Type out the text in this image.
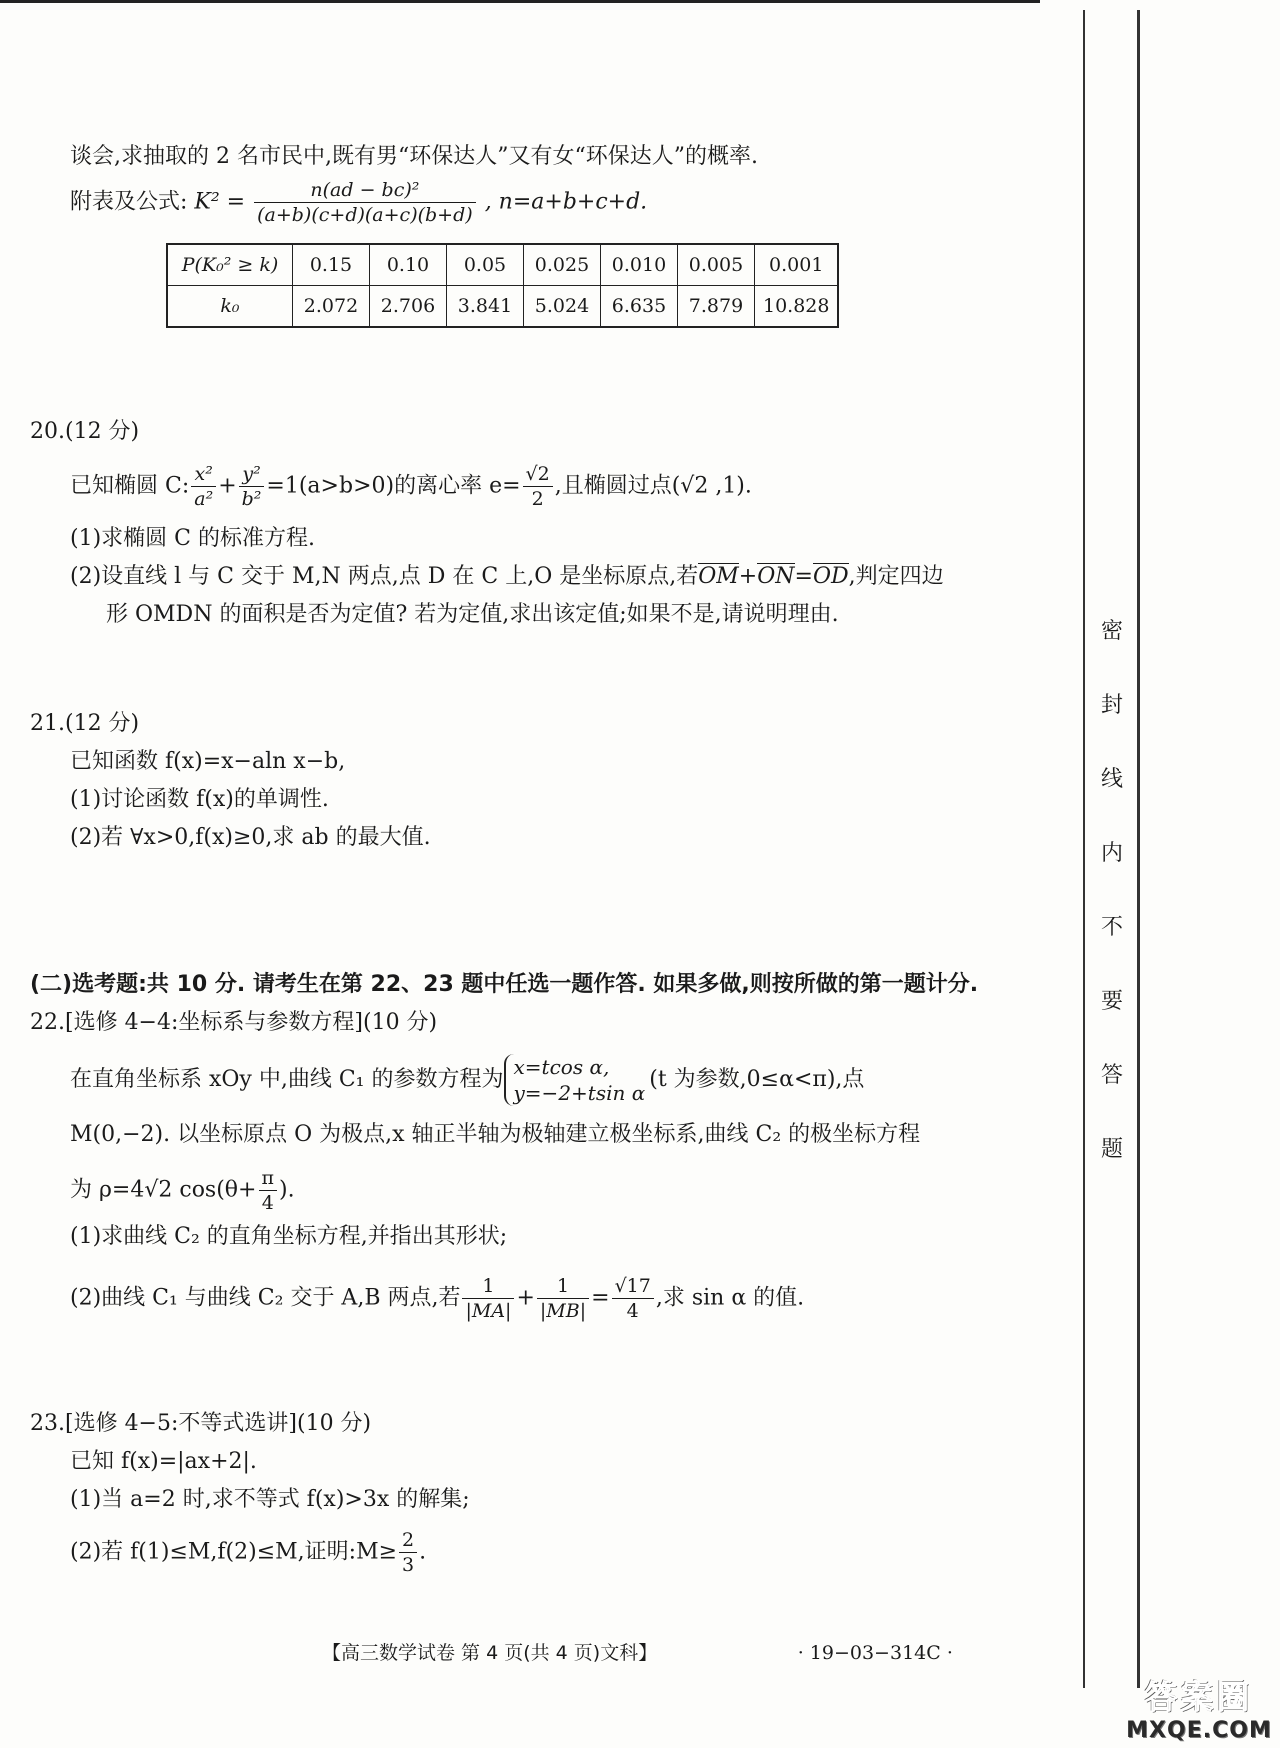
密
封
线
内
不
要
答
题
谈会,求抽取的 2 名市民中,既有男“环保达人”又有女“环保达人”的概率.
附表及公式: $K^2 = \frac{\text{n(ad − bc)²}}{(a+b)(c+d)(a+c)(b+d)}$ , n=a+b+c+d.
P(K₀² ≥ k)	0.15	0.10	0.05	0.025	0.010	0.005	0.001
k₀	2.072	2.706	3.841	5.024	6.635	7.879	10.828
20.(12 分)
已知椭圆 C: $\frac{\text{x²}}{\text{a²}} + \frac{\text{y²}}{\text{b²}} =1(a>b>0)$的离心率 $e= \frac{√2}{2}$ ,且椭圆过点(√2 ,1).
(1)求椭圆 C 的标准方程.
(2)设直线 l 与 C 交于 M,N 两点,点 D 在 C 上,O 是坐标原点,若OM+ON=OD,判定四边
形 OMDN 的面积是否为定值? 若为定值,求出该定值;如果不是,请说明理由.
21.(12 分)
已知函数 f(x)=x−aln x−b,
(1)讨论函数 f(x)的单调性.
(2)若 ∀x>0,f(x)≥0,求 ab 的最大值.
(二)选考题:共 10 分. 请考生在第 22、23 题中任选一题作答. 如果多做,则按所做的第一题计分.
22.[选修 4−4:坐标系与参数方程](10 分)
在直角坐标系 xOy 中,曲线 C₁ 的参数方程为 x=tcos α,
y=−2+tsin α
(t 为参数,0≤α<π),点
M(0,−2). 以坐标原点 O 为极点,x 轴正半轴为极轴建立极坐标系,曲线 C₂ 的极坐标方程
为 ρ=4√2 $\cos(\theta+ \frac{\pi}{4}$ ).
(1)求曲线 C₂ 的直角坐标方程,并指出其形状;
(2)曲线 C₁ 与曲线 C₂ 交于 A,B 两点,若 $\frac{1}{|MA|} + \frac{1}{|MB|} = \frac{√17}{4}$ ,求 sin α 的值.
23.[选修 4−5:不等式选讲](10 分)
已知 f(x)=|ax+2|.
(1)当 a=2 时,求不等式 f(x)>3x 的解集;
(2)若 f(1)≤M,f(2)≤M,证明:M≥ $\frac{2}{3}$ .
【高三数学试卷 第 4 页(共 4 页)文科】	· 19−03−314C ·
答案圈
MXQE.COM
